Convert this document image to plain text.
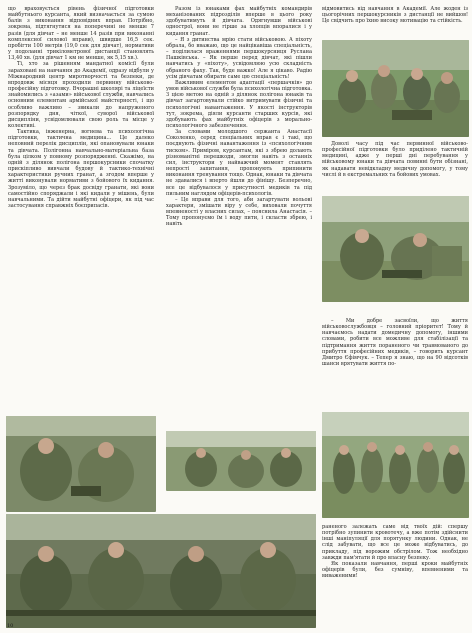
що враховується рівень фізичної підготовки майбутнього курсанта, який визначається за сумою балів з виконання відповідних вправ. Потрібно, зокрема, підтягнутися на поперечині не менше 7 разів (для дівчат – не менше 14 разів при виконанні комплексної силової вправи), швидше 16,5 сек. пробігти 100 метрів (19,0 сек для дівчат), нормативи у подоланні трикілометрової дистанції становлять 13,40 хв. (для дівчат 1 км не менше, як 5,15 хв.).

Ті, хто за рішенням мандатної комісії були зараховані на навчання до Академії, одразу відбули у Міжнародний центр миротворчості та безпеки, де впродовж місяця проходили первинну військово-професійну підготовку. Вчорашні школярі та ліцеїсти знайомились з «азами» військової служби, навчались основним елементам армійської майстерності, і що особливо важливо – звикали до напруженого розпорядку дня, чіткої, суворої військової дисципліни, усвідомлювали свою роль та місце у колективі.

Тактика, інженерна, вогнева та психологічна підготовки, тактична медицина... Це далеко неповний перелік дисциплін, які опановували юнаки та дівчата. Полігонна навчально-матеріальна база була цілком у повному розпорядженні. Скажімо, на одній з ділянок полігона першокурсники спочатку прискіпливо вивчали будову й тактико-технічні характеристики ручних гранат, а згодом вперше у житті виконували нормативи з бойового їх кидання. Зрозуміло, що через брак досвіду гранати, які вони самостійно споряджали і які кидали у мішень, були навчальними. Та дійти майбутні офіцери, як під час застосування справжніх боєприпасів.

Разом із юнаками фах майбутніх командирів механізованих підрозділів вперше в цього року здобуватимуть й дівчата. Одягнувши військові однострої, вони не гірше за хлопців впоралися і у кидання гранат.

– Я з дитинства мрію стати військовою. А піхоту обрала, бо вважаю, що це найцікавіша спеціальність, – поділилася враженнями першокурсниця Руслана Пашківська. – Як перше перед дівчат, які пішли навчатись у «піхоту», усвідомлюю усю складність обраного фаху. Так, буде важко! Але я цікаво. Радію усім дівчатам обирати саме цю спеціальність!

Важливим елементом адаптації «першачків» до умов військової служби була психологічна підготовка. З цією метою на одній з ділянок полігона юнаків та дівчат загартовували стійко витримувати фізичні та психологічні навантаження. У якості інструкторів тут, зокрема, діяли курсанти старших курсів, які здобувають фах майбутніх офіцерів з морально-психологічного забезпечення.

За словами молодшого сержанта Анастасії Соколенко, серед спеціальних вправ є і такі, що поєднують фізичні навантаження із «психологічним тиском». Приміром, курсантам, які з збрею долають різноманітні перешкоди, змогли навіть з останніх сил, інструктори у найважчий момент ставлять непрості запитання, пропонують припинити виконання тренування тощо. Однак, юнаки та дівчата не здавалися і вперто йшли до фінішу. Безперечно, все це відбувалося у присутності медиків та під пильним наглядом офіцерів-психологів.

– Це вправи для того, аби загартувати вольові характери, змішати віру у себе, виховали почуття впевненості у власних силах, – пояснила Анастасія. – Тому пропонуємо їм і воду пити, і скласти збрею, і навіть

відмовитись від навчання в Академії. Але жоден із цьогорічних першокурсників з дистанції не вийшов! Це свідчить про їхню високу мотивацію та стійкість.

Доволі часу під час первинної військово-професійної підготовки було приділено тактичній медицині, адже у перші дні перебування у військовому юнаки та дівчата повинні бути обізнані, як надавати невідкладну медичну допомогу, у тому числі й в екстремальних та бойових умовах.

– Ми добре засвоїли, що життя військовослужбовця – головний пріоритет! Тому й навчаємось надати домедичну допомогу, іншими словами, робити все можливе для стабілізації та підтримання життя пораненого чи травмованого до прибуття професійних медиків, – говорить курсант Дмитро Єфімчук. – Тепер я знаю, що на 90 відсотків шанси врятувати життя по-

раненого залежать саме від твоїх дій: спершу потрібно зупинити кровотечу, а вже потім здійснити інші маніпуляції для порятунку людини. Однак, не слід забувати, що все це може відбуватись, до прикладу, під ворожим обстрілом. Тож необхідно завжди пам'ятати й про власну безпеку.

Як показали навчання, перші кроки майбутніх офіцерів були, без сумніву, впевненими та виваженими!

10
